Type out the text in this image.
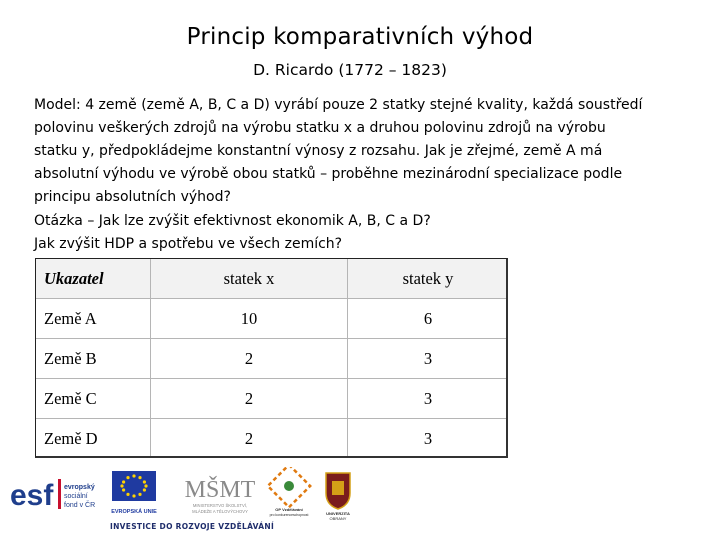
Princip komparativních výhod
D. Ricardo (1772 – 1823)
Model: 4 země (země A, B, C a D) vyrábí pouze 2 statky stejné kvality, každá soustředí
polovinu veškerých zdrojů na výrobu statku x a druhou polovinu zdrojů na výrobu
statku y, předpokládejme konstantní výnosy z rozsahu. Jak je zřejmé, země A má
absolutní výhodu ve výrobě obou statků – proběhne mezinárodní specializace podle
principu absolutních výhod?
Otázka – Jak lze zvýšit efektivnost ekonomik A, B, C a D?
Jak zvýšit HDP a spotřebu ve všech zemích?
Ukazatel	statek x	statek y
Země A	10	6
Země B	2	3
Země C	2	3
Země D	2	3
esf evropský
sociální
fond v ČR
EVROPSKÁ UNIE
MŠMT
MINISTERSTVO ŠKOLSTVÍ,
MLÁDEŽE A TĚLOVÝCHOVY	OP Vzdělávání
pro konkurenceschopnost	UNIVERZITA
OBRANY
INVESTICE DO ROZVOJE VZDĚLÁVÁNÍ
